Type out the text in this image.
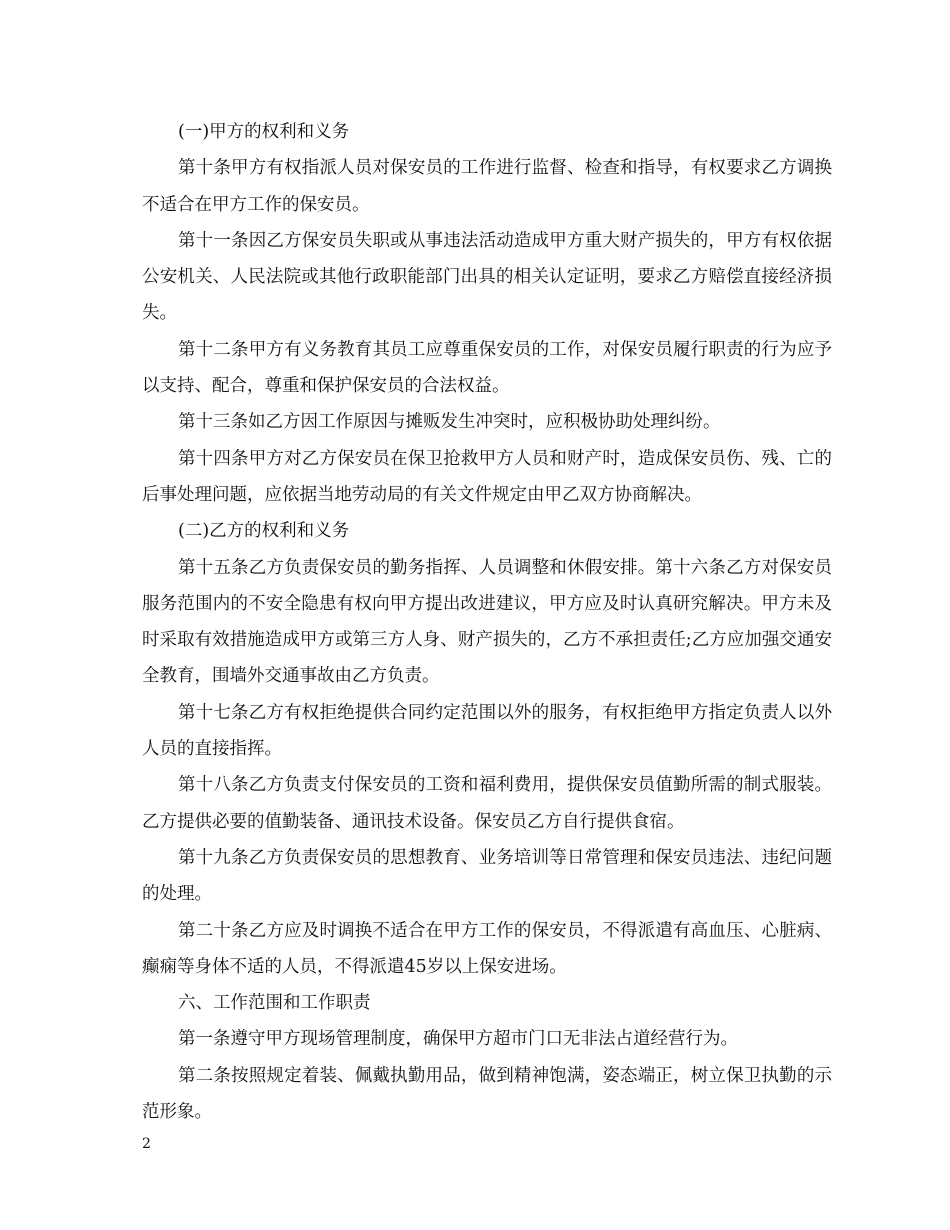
(一)甲方的权利和义务

第十条甲方有权指派人员对保安员的工作进行监督、检查和指导，有权要求乙方调换不适合在甲方工作的保安员。

第十一条因乙方保安员失职或从事违法活动造成甲方重大财产损失的，甲方有权依据公安机关、人民法院或其他行政职能部门出具的相关认定证明，要求乙方赔偿直接经济损失。

第十二条甲方有义务教育其员工应尊重保安员的工作，对保安员履行职责的行为应予以支持、配合，尊重和保护保安员的合法权益。

第十三条如乙方因工作原因与摊贩发生冲突时，应积极协助处理纠纷。

第十四条甲方对乙方保安员在保卫抢救甲方人员和财产时，造成保安员伤、残、亡的后事处理问题，应依据当地劳动局的有关文件规定由甲乙双方协商解决。

(二)乙方的权利和义务

第十五条乙方负责保安员的勤务指挥、人员调整和休假安排。第十六条乙方对保安员服务范围内的不安全隐患有权向甲方提出改进建议，甲方应及时认真研究解决。甲方未及时采取有效措施造成甲方或第三方人身、财产损失的，乙方不承担责任;乙方应加强交通安全教育，围墙外交通事故由乙方负责。

第十七条乙方有权拒绝提供合同约定范围以外的服务，有权拒绝甲方指定负责人以外人员的直接指挥。

第十八条乙方负责支付保安员的工资和福利费用，提供保安员值勤所需的制式服装。乙方提供必要的值勤装备、通讯技术设备。保安员乙方自行提供食宿。

第十九条乙方负责保安员的思想教育、业务培训等日常管理和保安员违法、违纪问题的处理。

第二十条乙方应及时调换不适合在甲方工作的保安员，不得派遣有高血压、心脏病、癫痫等身体不适的人员，不得派遣45岁以上保安进场。

六、工作范围和工作职责

第一条遵守甲方现场管理制度，确保甲方超市门口无非法占道经营行为。

第二条按照规定着装、佩戴执勤用品，做到精神饱满，姿态端正，树立保卫执勤的示范形象。

2
